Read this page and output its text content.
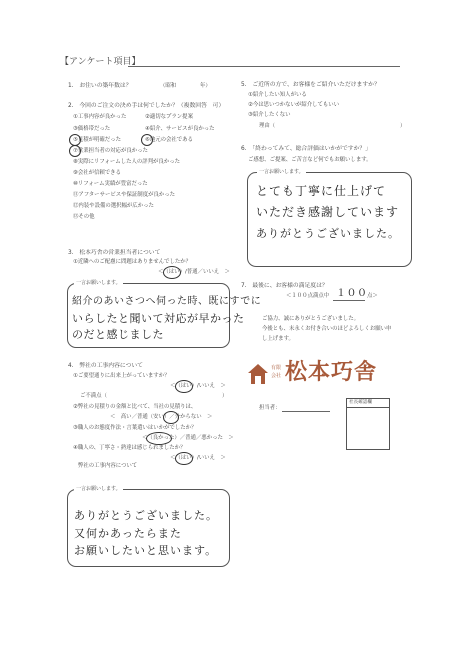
【アンケート項目】
1.　お住いの築年数は？	（昭和	年）
2.　今回のご注文の決め手は何でしたか？（複数回答　可）
①工事内容が良かった	②適切なプラン提案
③価格帯だった	④紹介、サービスが良かった
⑤見積が明確だった	⑥地元の会社である
⑦営業担当者の対応が良かった
⑧実際にリフォームした人の評判が良かった
⑨会社が信頼できる
⑩リフォーム実績が豊富だった
⑪アフターサービスや保証制度が良かった
⑫内装や設備の選択幅が広かった
⑬その他
3.　松本巧舎の営業担当者について
①近隣へのご配慮に問題はありませんでしたか？
＜（はい）/普通／いいえ　＞
一言お願いします。
紹介のあいさつへ伺った時、既にすでに
いらしたと聞いて対応が早かった
のだと感じました
4.　弊社の工事内容について
①ご要望通りに出来上がっていますか？
＜（はい）/いいえ　＞
ご不満点（	）
②弊社の見積りの金額と比べて、当社の見積りは、
＜　高い／普通（安い）／分からない　＞
③職人のお態度作法・言葉遣いはいかがでしたか？
＜（良かった）／普通／悪かった　＞
④職人の、丁寧さ・熟達は感じられましたか？
＜（はい）/いいえ　＞
弊社の工事内容について
一言お願いします。
ありがとうございました。
又何かあったらまた
お願いしたいと思います。
5.　ご近所の方で、お客様をご紹介いただけますか？
①紹介したい知人がいる
②今は思いつかないが紹介してもいい
③紹介したくない
理由（	）
6.　「終わってみて、総合評価はいかがですか？」
ご感想、ご提案、ご苦言など何でもお願いします。
一言お願いします。
とても丁寧に仕上げて
いただき感謝しています
ありがとうございました。
7.　最後に、お客様の満足度は？
＜１００点満点中 １００ 点＞
ご協力、誠にありがとうございました。
今後とも、末永くお付き合いのほどよろしくお願い申
し上げます。
有限
会社 松本巧舎
担当者：
社長確認欄
